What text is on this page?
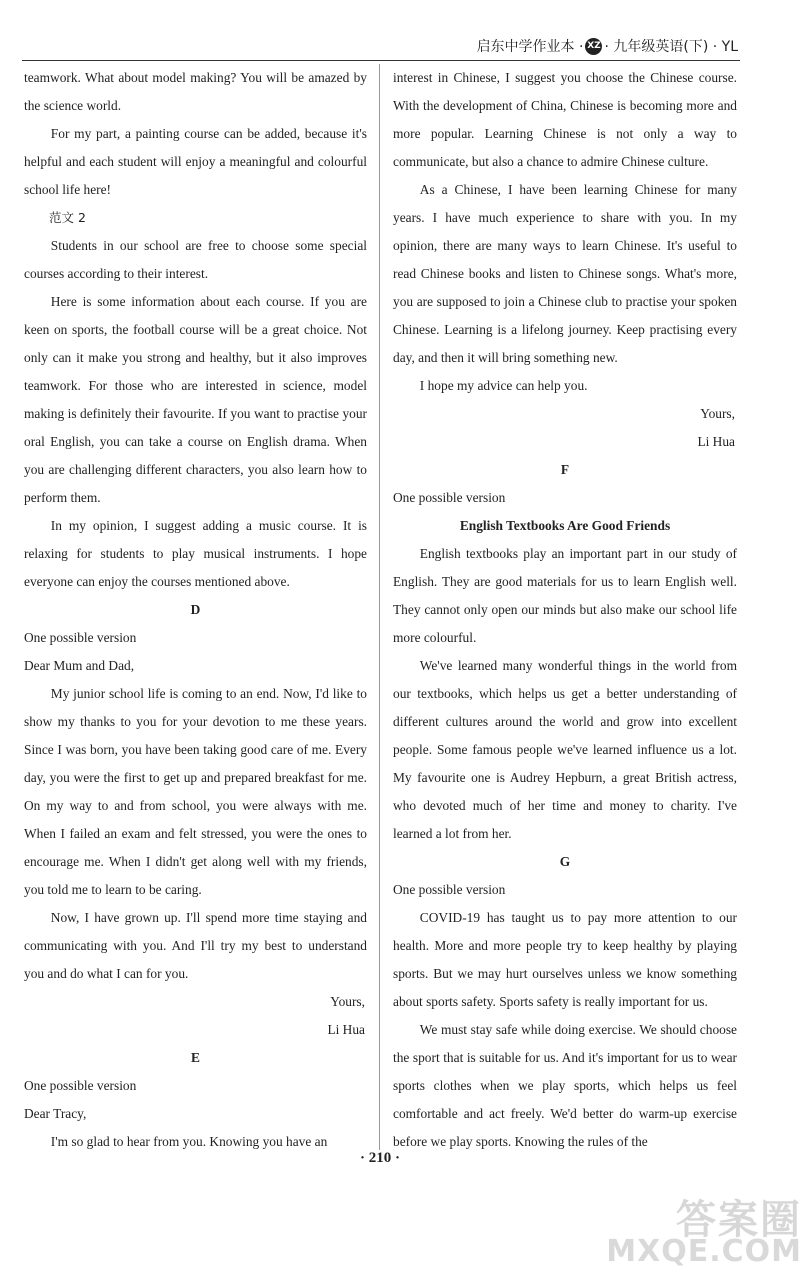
启东中学作业本 · XZ · 九年级英语(下) · YL

teamwork. What about model making? You will be amazed by the science world.

For my part, a painting course can be added, because it's helpful and each student will enjoy a meaningful and colourful school life here!

范文 2

Students in our school are free to choose some special courses according to their interest.

Here is some information about each course. If you are keen on sports, the football course will be a great choice. Not only can it make you strong and healthy, but it also improves teamwork. For those who are interested in science, model making is definitely their favourite. If you want to practise your oral English, you can take a course on English drama. When you are challenging different characters, you also learn how to perform them.

In my opinion, I suggest adding a music course. It is relaxing for students to play musical instruments. I hope everyone can enjoy the courses mentioned above.

D

One possible version

Dear Mum and Dad,

My junior school life is coming to an end. Now, I'd like to show my thanks to you for your devotion to me these years. Since I was born, you have been taking good care of me. Every day, you were the first to get up and prepared breakfast for me. On my way to and from school, you were always with me. When I failed an exam and felt stressed, you were the ones to encourage me. When I didn't get along well with my friends, you told me to learn to be caring.

Now, I have grown up. I'll spend more time staying and communicating with you. And I'll try my best to understand you and do what I can for you.

Yours,

Li Hua

E

One possible version

Dear Tracy,

I'm so glad to hear from you. Knowing you have an

interest in Chinese, I suggest you choose the Chinese course. With the development of China, Chinese is becoming more and more popular. Learning Chinese is not only a way to communicate, but also a chance to admire Chinese culture.

As a Chinese, I have been learning Chinese for many years. I have much experience to share with you. In my opinion, there are many ways to learn Chinese. It's useful to read Chinese books and listen to Chinese songs. What's more, you are supposed to join a Chinese club to practise your spoken Chinese. Learning is a lifelong journey. Keep practising every day, and then it will bring something new.

I hope my advice can help you.

Yours,

Li Hua

F

One possible version

English Textbooks Are Good Friends

English textbooks play an important part in our study of English. They are good materials for us to learn English well. They cannot only open our minds but also make our school life more colourful.

We've learned many wonderful things in the world from our textbooks, which helps us get a better understanding of different cultures around the world and grow into excellent people. Some famous people we've learned influence us a lot. My favourite one is Audrey Hepburn, a great British actress, who devoted much of her time and money to charity. I've learned a lot from her.

G

One possible version

COVID-19 has taught us to pay more attention to our health. More and more people try to keep healthy by playing sports. But we may hurt ourselves unless we know something about sports safety. Sports safety is really important for us.

We must stay safe while doing exercise. We should choose the sport that is suitable for us. And it's important for us to wear sports clothes when we play sports, which helps us feel comfortable and act freely. We'd better do warm-up exercise before we play sports. Knowing the rules of the

· 210 ·
答案圈
MXQE.COM
